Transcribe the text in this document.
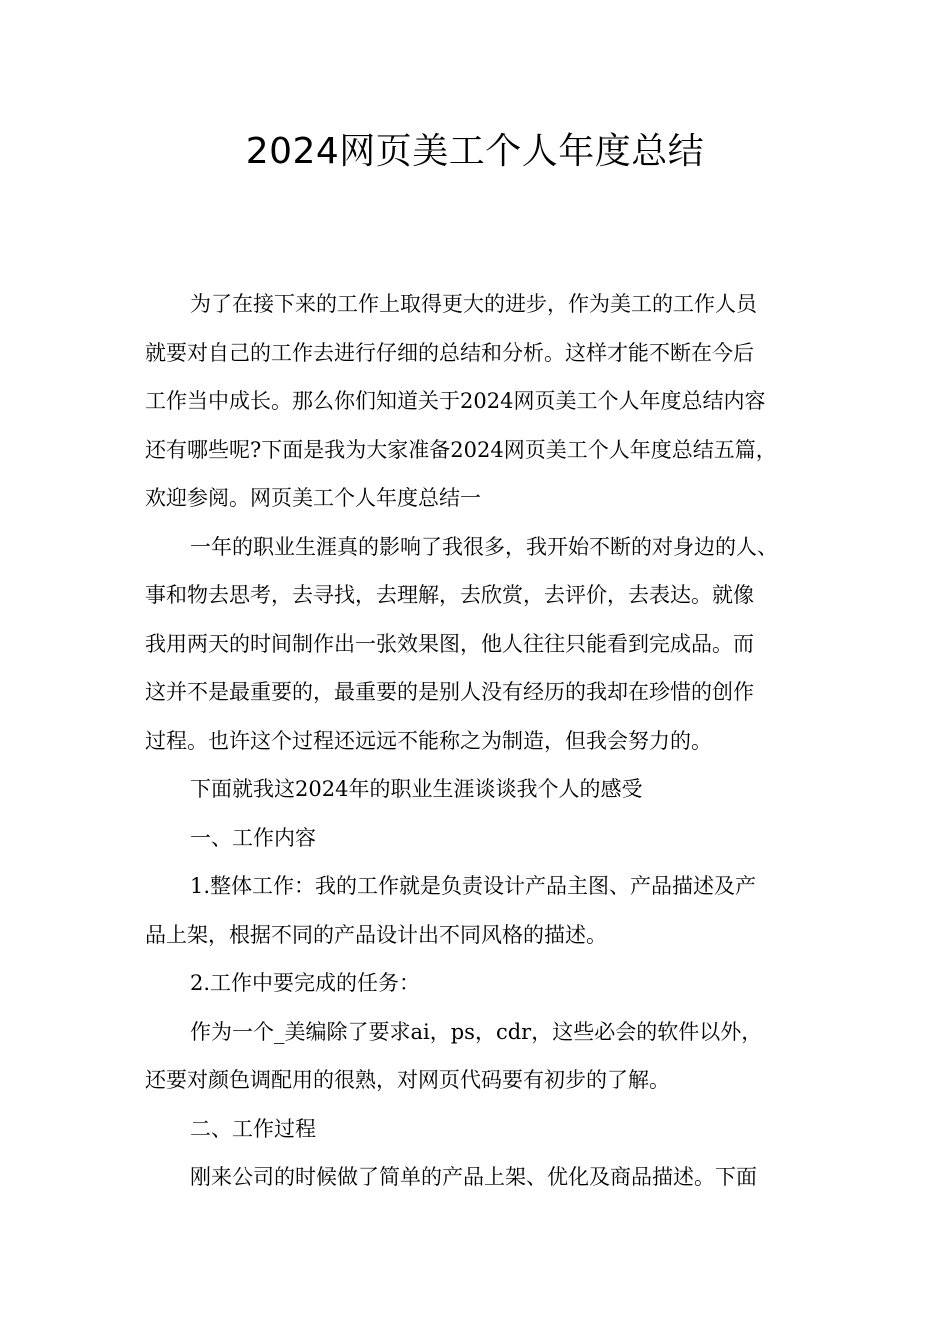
2024网页美工个人年度总结
为了在接下来的工作上取得更大的进步，作为美工的工作人员
就要对自己的工作去进行仔细的总结和分析。这样才能不断在今后
工作当中成长。那么你们知道关于2024网页美工个人年度总结内容
还有哪些呢?下面是我为大家准备2024网页美工个人年度总结五篇，
欢迎参阅。网页美工个人年度总结一
一年的职业生涯真的影响了我很多，我开始不断的对身边的人、
事和物去思考，去寻找，去理解，去欣赏，去评价，去表达。就像
我用两天的时间制作出一张效果图，他人往往只能看到完成品。而
这并不是最重要的，最重要的是别人没有经历的我却在珍惜的创作
过程。也许这个过程还远远不能称之为制造，但我会努力的。
下面就我这2024年的职业生涯谈谈我个人的感受
一、工作内容
1.整体工作：我的工作就是负责设计产品主图、产品描述及产
品上架，根据不同的产品设计出不同风格的描述。
2.工作中要完成的任务：
作为一个_美编除了要求ai，ps，cdr，这些必会的软件以外，
还要对颜色调配用的很熟，对网页代码要有初步的了解。
二、工作过程
刚来公司的时候做了简单的产品上架、优化及商品描述。下面
